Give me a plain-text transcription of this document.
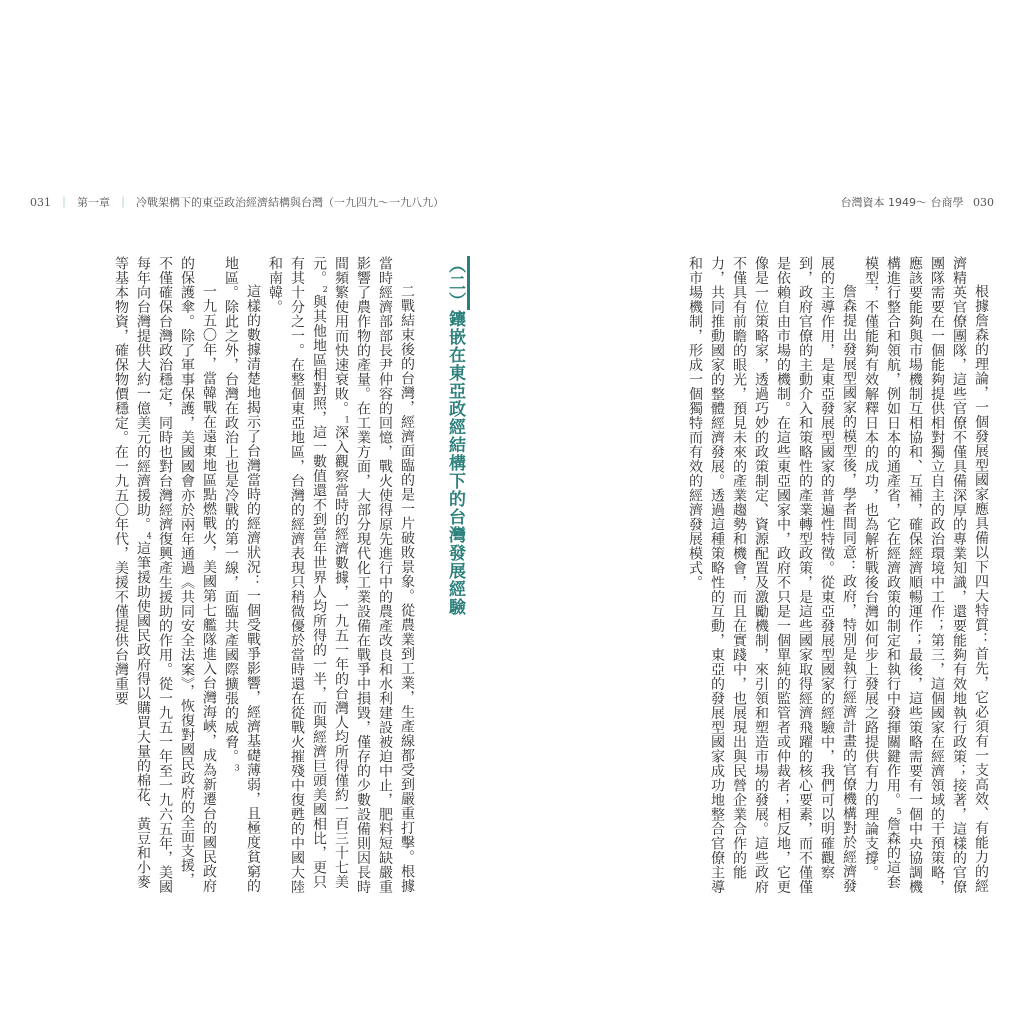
031 ｜ 第一章 ｜ 冷戰架構下的東亞政治經濟結構與台灣（一九四九～一九八九）
（二）鑲嵌在東亞政經結構下的台灣發展經驗

二戰結束後的台灣，經濟面臨的是一片破敗景象。從農業到工業，生產線都受到嚴重打擊。根據當時經濟部部長尹仲容的回憶，戰火使得原先進行中的農產改良和水利建設被迫中止，肥料短缺嚴重影響了農作物的產量。在工業方面，大部分現代化工業設備在戰爭中損毀，僅存的少數設備則因長時間頻繁使用而快速衰敗。$^1$深入觀察當時的經濟數據，一九五一年的台灣人均所得僅約一百三十七美元。$^2$與其他地區相對照，這一數值還不到當年世界人均所得的一半，而與經濟巨頭美國相比，更只有其十分之一。在整個東亞地區，台灣的經濟表現只稍微優於當時還在從戰火摧殘中復甦的中國大陸和南韓。

這樣的數據清楚地揭示了台灣當時的經濟狀況：一個受戰爭影響，經濟基礎薄弱，且極度貧窮的地區。除此之外，台灣在政治上也是冷戰的第一線，面臨共產國際擴張的威脅。$^3$

一九五〇年，當韓戰在遠東地區點燃戰火，美國第七艦隊進入台灣海峽，成為新遷台的國民政府的保護傘。除了軍事保護，美國國會亦於兩年通過《共同安全法案》，恢復對國民政府的全面支援，不僅確保台灣政治穩定，同時也對台灣經濟復興產生援助的作用。從一九五一年至一九六五年，美國每年向台灣提供大約一億美元的經濟援助。$^4$這筆援助使國民政府得以購買大量的棉花、黃豆和小麥等基本物資，確保物價穩定。在一九五〇年代，美援不僅提供台灣重要

台灣資本 1949～ 台商學 030

根據詹森的理論，一個發展型國家應具備以下四大特質：首先，它必須有一支高效、有能力的經濟精英官僚團隊，這些官僚不僅具備深厚的專業知識，還要能夠有效地執行政策；接著，這樣的官僚團隊需要在一個能夠提供相對獨立自主的政治環境中工作；第三，這個國家在經濟領域的干預策略，應該要能夠與市場機制互相協和、互補，確保經濟順暢運作；最後，這些策略需要有一個中央協調機構進行整合和領航，例如日本的通產省，它在經濟政策的制定和執行中發揮關鍵作用。$^5$詹森的這套模型，不僅能夠有效解釋日本的成功，也為解析戰後台灣如何步上發展之路提供有力的理論支撐。

詹森提出發展型國家的模型後，學者間同意：政府，特別是執行經濟計畫的官僚機構對於經濟發展的主導作用，是東亞發展型國家的普遍性特徵。從東亞發展型國家的經驗中，我們可以明確觀察到，政府官僚的主動介入和策略性的產業轉型政策，是這些國家取得經濟飛躍的核心要素，而不僅僅是依賴自由市場的機制。在這些東亞國家中，政府不只是一個單純的監管者或仲裁者；相反地，它更像是一位策略家，透過巧妙的政策制定、資源配置及激勵機制，來引領和塑造市場的發展。這些政府不僅具有前瞻的眼光，預見未來的產業趨勢和機會，而且在實踐中，也展現出與民營企業合作的能力，共同推動國家的整體經濟發展。透過這種策略性的互動，東亞的發展型國家成功地整合官僚主導和市場機制，形成一個獨特而有效的經濟發展模式。
